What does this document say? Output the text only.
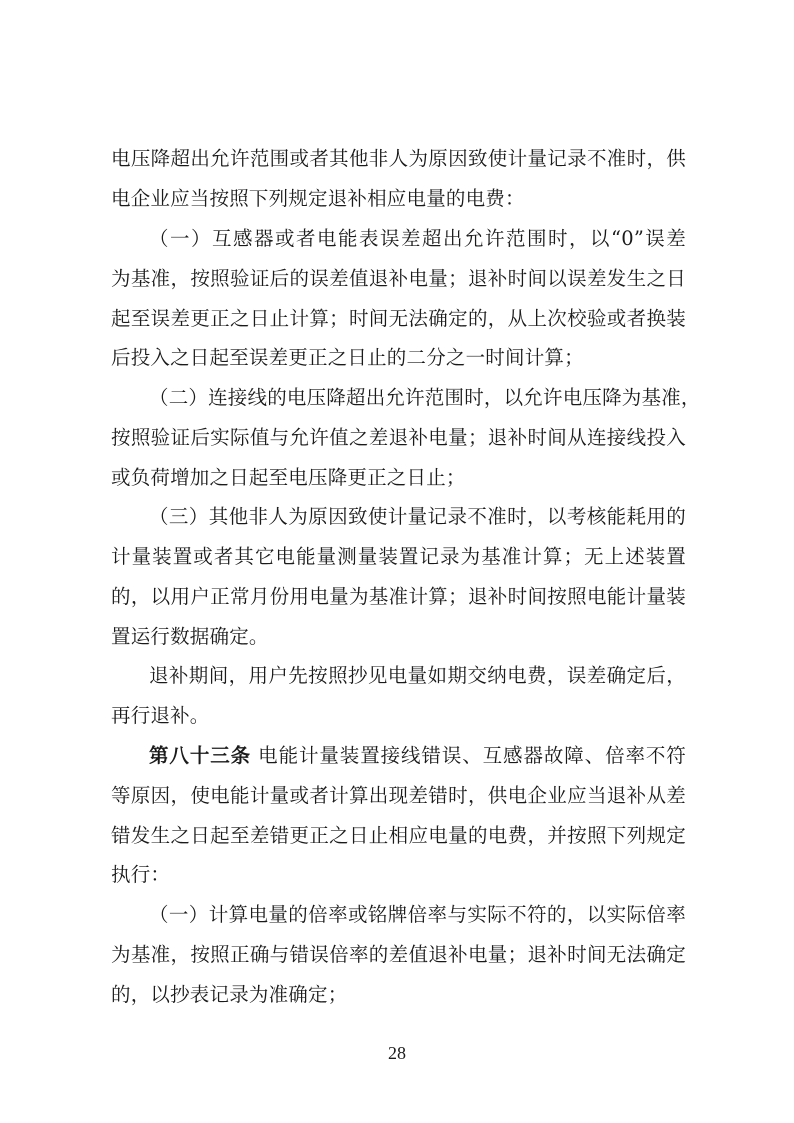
电压降超出允许范围或者其他非人为原因致使计量记录不准时，供
电企业应当按照下列规定退补相应电量的电费：
（一）互感器或者电能表误差超出允许范围时，以“0”误差
为基准，按照验证后的误差值退补电量；退补时间以误差发生之日
起至误差更正之日止计算；时间无法确定的，从上次校验或者换装
后投入之日起至误差更正之日止的二分之一时间计算；
（二）连接线的电压降超出允许范围时，以允许电压降为基准，
按照验证后实际值与允许值之差退补电量；退补时间从连接线投入
或负荷增加之日起至电压降更正之日止；
（三）其他非人为原因致使计量记录不准时，以考核能耗用的
计量装置或者其它电能量测量装置记录为基准计算；无上述装置
的，以用户正常月份用电量为基准计算；退补时间按照电能计量装
置运行数据确定。
退补期间，用户先按照抄见电量如期交纳电费，误差确定后，
再行退补。
第八十三条 电能计量装置接线错误、互感器故障、倍率不符
等原因，使电能计量或者计算出现差错时，供电企业应当退补从差
错发生之日起至差错更正之日止相应电量的电费，并按照下列规定
执行：
（一）计算电量的倍率或铭牌倍率与实际不符的，以实际倍率
为基准，按照正确与错误倍率的差值退补电量；退补时间无法确定
的，以抄表记录为准确定；
28
